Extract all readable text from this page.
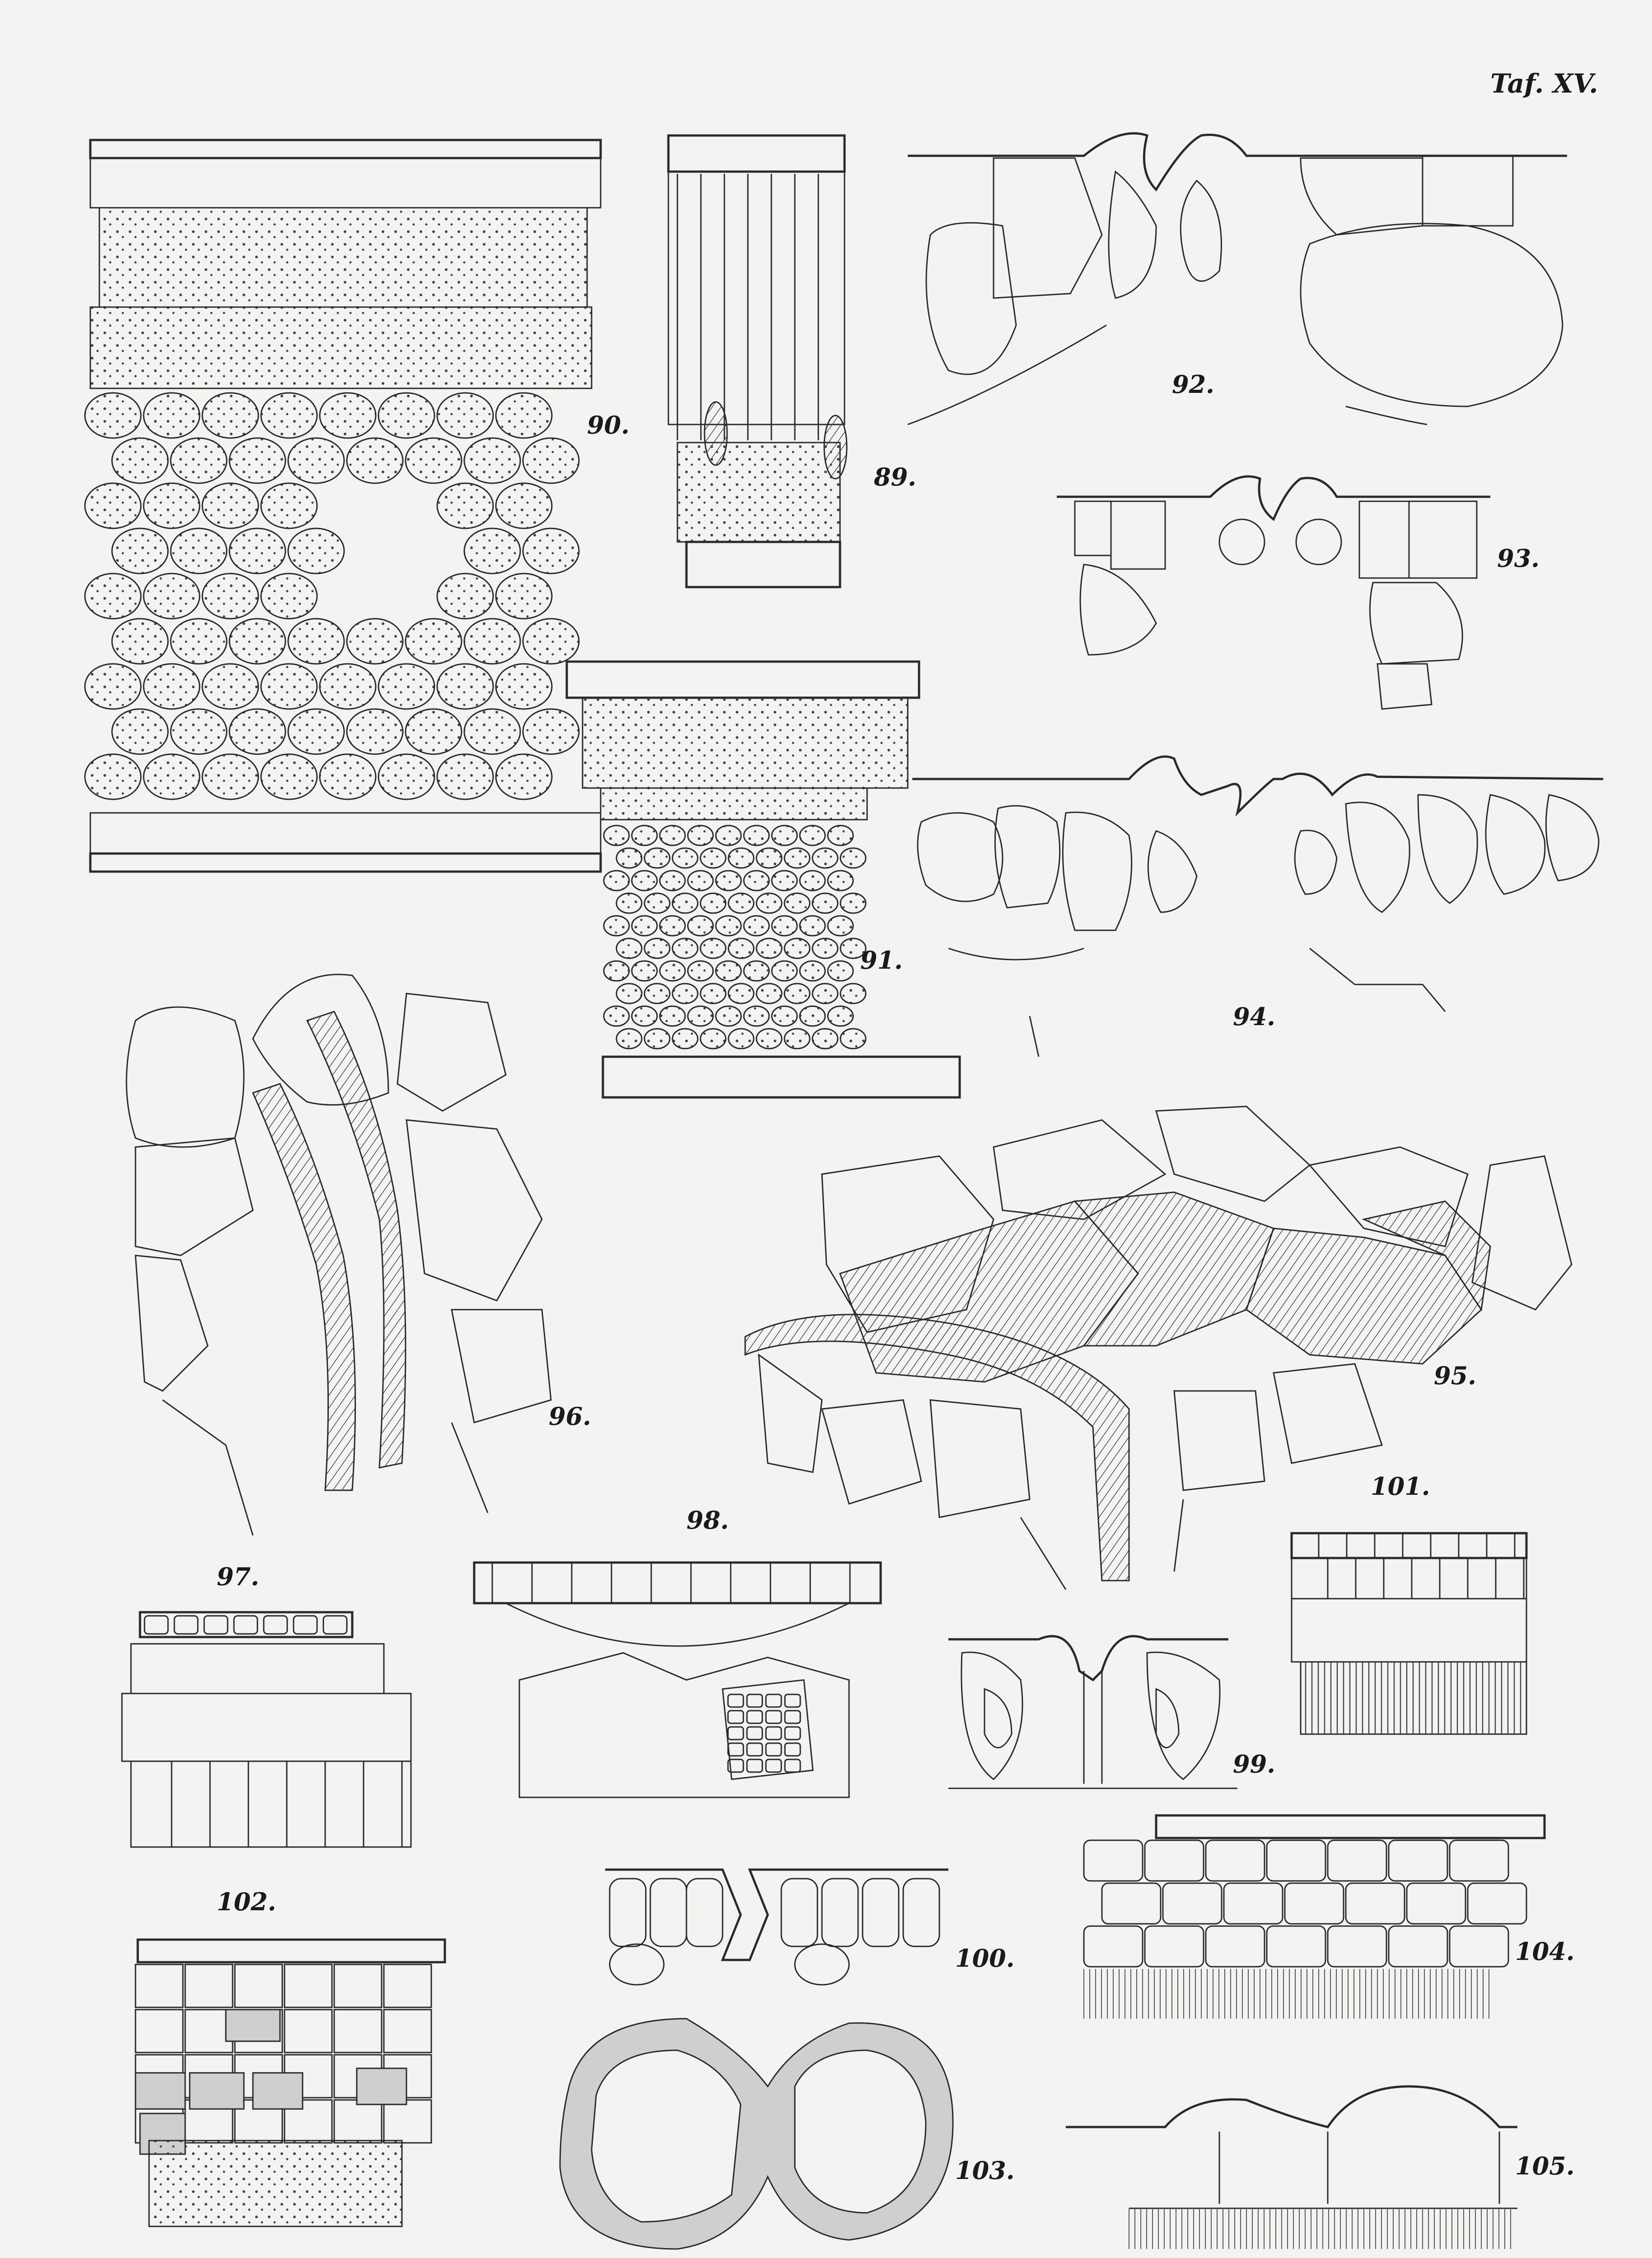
Taf. XV.
90.
89.
91.
92.
93.
94.
96.
95.
101.
97.
98.
99.
102.
100.
103.
104.
105.
